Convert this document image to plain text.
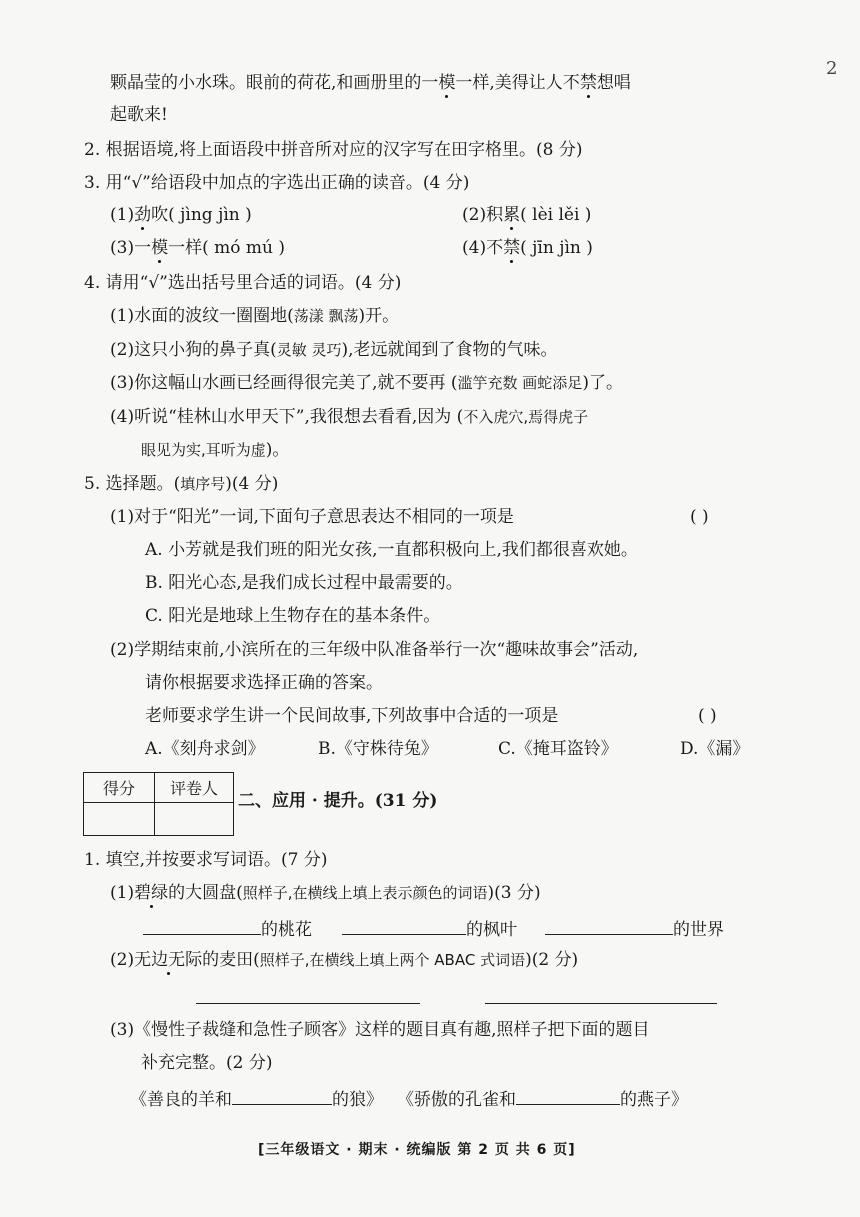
2
颗晶莹的小水珠。眼前的荷花,和画册里的一模一样,美得让人不禁想唱
起歌来!
2. 根据语境,将上面语段中拼音所对应的汉字写在田字格里。(8 分)
3. 用“√”给语段中加点的字选出正确的读音。(4 分)
(1)劲吹( jìng jìn )	(2)积累( lèi lěi )
(3)一模一样( mó mú )	(4)不禁( jīn jìn )
4. 请用“√”选出括号里合适的词语。(4 分)
(1)水面的波纹一圈圈地(荡漾 飘荡)开。
(2)这只小狗的鼻子真(灵敏 灵巧),老远就闻到了食物的气味。
(3)你这幅山水画已经画得很完美了,就不要再 (滥竽充数 画蛇添足)了。
(4)听说“桂林山水甲天下”,我很想去看看,因为 (不入虎穴,焉得虎子
眼见为实,耳听为虚)。
5. 选择题。(填序号)(4 分)
(1)对于“阳光”一词,下面句子意思表达不相同的一项是	( )
A. 小芳就是我们班的阳光女孩,一直都积极向上,我们都很喜欢她。
B. 阳光心态,是我们成长过程中最需要的。
C. 阳光是地球上生物存在的基本条件。
(2)学期结束前,小滨所在的三年级中队准备举行一次“趣味故事会”活动,
请你根据要求选择正确的答案。
老师要求学生讲一个民间故事,下列故事中合适的一项是	( )
A.《刻舟求剑》	B.《守株待兔》	C.《掩耳盗铃》	D.《漏》
得分	评卷人
二、应用 · 提升。(31 分)
1. 填空,并按要求写词语。(7 分)
(1)碧绿的大圆盘(照样子,在横线上填上表示颜色的词语)(3 分)
的桃花	的枫叶	的世界
(2)无边无际的麦田(照样子,在横线上填上两个 ABAC 式词语)(2 分)
(3)《慢性子裁缝和急性子顾客》这样的题目真有趣,照样子把下面的题目
补充完整。(2 分)
《善良的羊和	的狼》 《骄傲的孔雀和	的燕子》
[三年级语文 · 期末 · 统编版 第 2 页 共 6 页]
